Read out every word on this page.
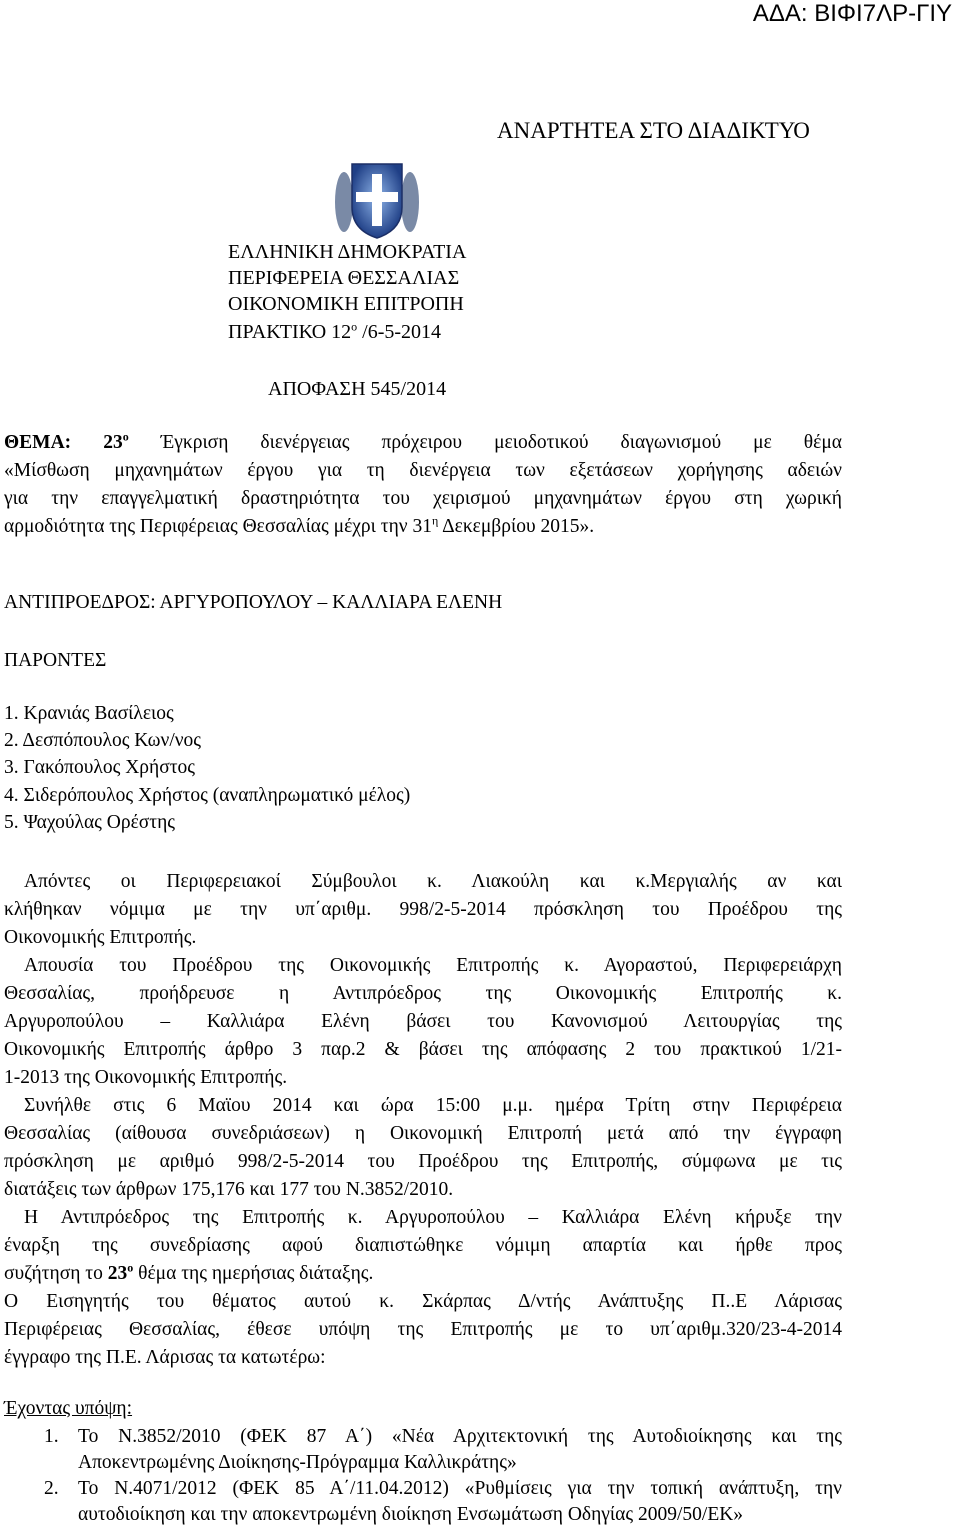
ΑΔΑ: ΒΙΦΙ7ΛΡ-ΓΙΥ
ΑΝΑΡΤΗΤΕΑ ΣΤΟ ΔΙΑΔΙΚΤΥΟ
ΕΛΛΗΝΙΚΗ ΔΗΜΟΚΡΑΤΙΑ
ΠΕΡΙΦΕΡΕΙΑ ΘΕΣΣΑΛΙΑΣ
ΟΙΚΟΝΟΜΙΚΗ ΕΠΙΤΡΟΠΗ
ΠΡΑΚΤΙΚΟ $12^o$ /6-5-2014
ΑΠΟΦΑΣΗ 545/2014
ΘΕΜΑ: $23^o$ Έγκριση διενέργειας πρόχειρου μειοδοτικού διαγωνισμού με θέμα
«Μίσθωση μηχανημάτων έργου για τη διενέργεια των εξετάσεων χορήγησης αδειών
για την επαγγελματική δραστηριότητα του χειρισμού μηχανημάτων έργου στη χωρική
αρμοδιότητα της Περιφέρειας Θεσσαλίας μέχρι την $31^\eta$ Δεκεμβρίου 2015».
ΑΝΤΙΠΡΟΕΔΡΟΣ: ΑΡΓΥΡΟΠΟΥΛΟΥ – ΚΑΛΛΙΑΡΑ ΕΛΕΝΗ
ΠΑΡΟΝΤΕΣ
1. Κρανιάς Βασίλειος
2. Δεσπόπουλος Κων/νος
3. Γακόπουλος Χρήστος
4. Σιδερόπουλος Χρήστος (αναπληρωματικό μέλος)
5. Ψαχούλας Ορέστης
Απόντες οι Περιφερειακοί Σύμβουλοι κ. Λιακούλη και κ.Μεργιαλής αν και
κλήθηκαν νόμιμα με την υπ΄αριθμ. 998/2-5-2014 πρόσκληση του Προέδρου της
Οικονομικής Επιτροπής.
Απουσία του Προέδρου της Οικονομικής Επιτροπής κ. Αγοραστού, Περιφερειάρχη
Θεσσαλίας, προήδρευσε η Αντιπρόεδρος της Οικονομικής Επιτροπής κ.
Αργυροπούλου – Καλλιάρα Ελένη βάσει του Κανονισμού Λειτουργίας της
Οικονομικής Επιτροπής άρθρο 3 παρ.2 & βάσει της απόφασης 2 του πρακτικού 1/21-
1-2013 της Οικονομικής Επιτροπής.
Συνήλθε στις 6 Μαϊου 2014 και ώρα 15:00 μ.μ. ημέρα Τρίτη στην Περιφέρεια
Θεσσαλίας (αίθουσα συνεδριάσεων) η Οικονομική Επιτροπή μετά από την έγγραφη
πρόσκληση με αριθμό 998/2-5-2014 του Προέδρου της Επιτροπής, σύμφωνα με τις
διατάξεις των άρθρων 175,176 και 177 του Ν.3852/2010.
Η Αντιπρόεδρος της Επιτροπής κ. Αργυροπούλου – Καλλιάρα Ελένη κήρυξε την
έναρξη της συνεδρίασης αφού διαπιστώθηκε νόμιμη απαρτία και ήρθε προς
συζήτηση το $23^o$ θέμα της ημερήσιας διάταξης.
Ο Εισηγητής του θέματος αυτού κ. Σκάρπας Δ/ντής Ανάπτυξης Π..Ε Λάρισας
Περιφέρειας Θεσσαλίας, έθεσε υπόψη της Επιτροπής με το υπ΄αριθμ.320/23-4-2014
έγγραφο της Π.Ε. Λάρισας τα κατωτέρω:
Έχοντας υπόψη:
1. Το Ν.3852/2010 (ΦΕΚ 87 Α΄) «Νέα Αρχιτεκτονική της Αυτοδιοίκησης και της
Αποκεντρωμένης Διοίκησης-Πρόγραμμα Καλλικράτης»
2. Το Ν.4071/2012 (ΦΕΚ 85 Α΄/11.04.2012) «Ρυθμίσεις για την τοπική ανάπτυξη, την
αυτοδιοίκηση και την αποκεντρωμένη διοίκηση Ενσωμάτωση Οδηγίας 2009/50/ΕΚ»
